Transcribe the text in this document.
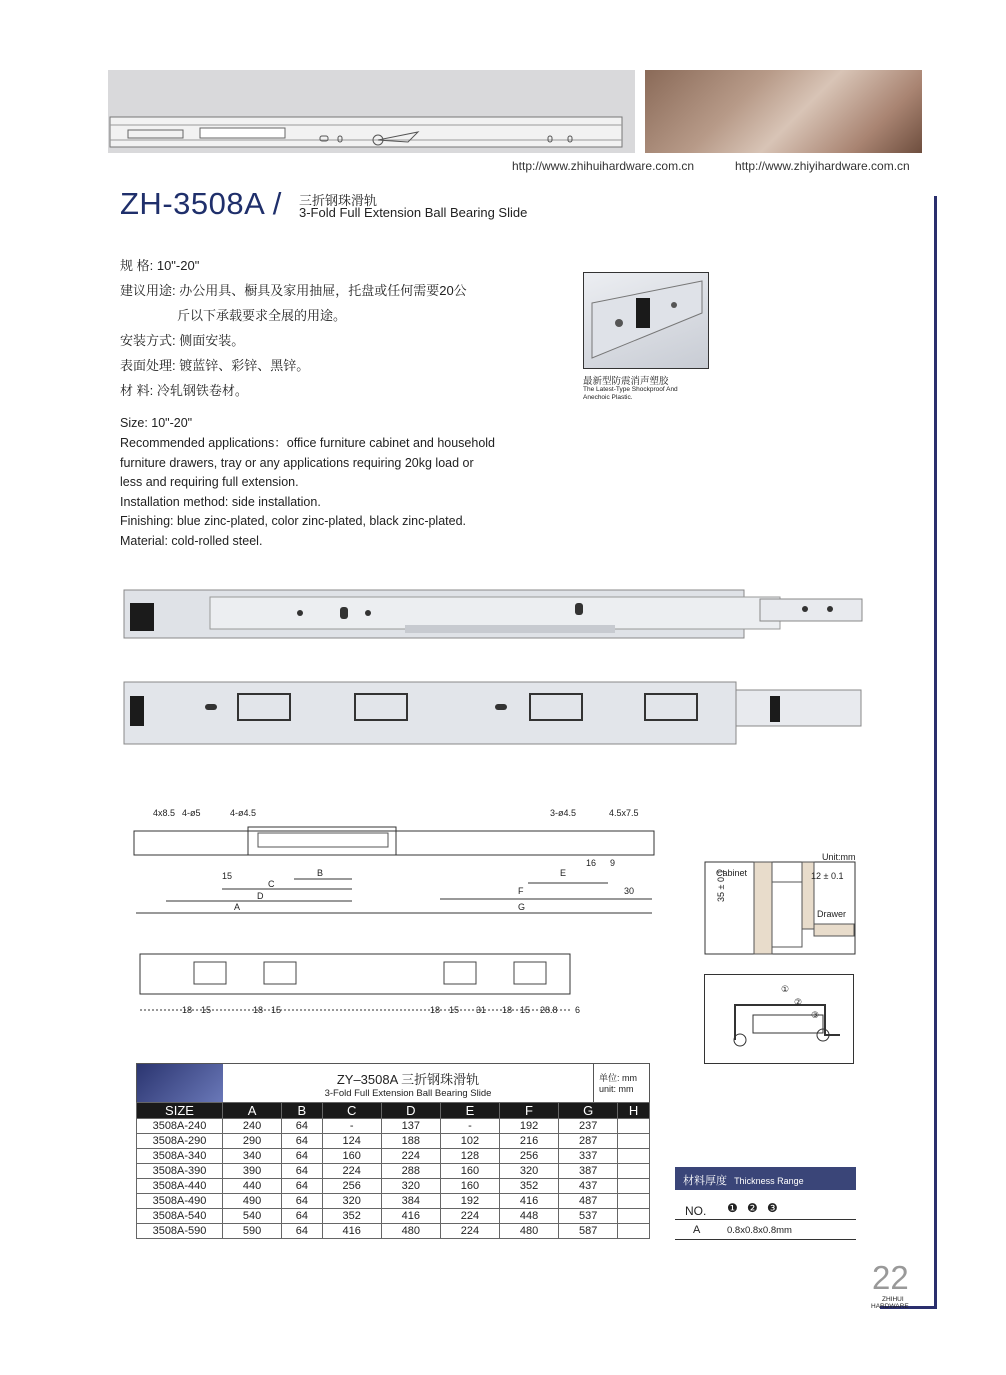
http://www.zhihuihardware.com.cn	http://www.zhiyihardware.com.cn
ZH-3508A / 三折钢珠滑轨
3-Fold Full Extension Ball Bearing Slide
规 格: 10"-20"
建议用途: 办公用具、橱具及家用抽屉，托盘或任何需要20公
斤以下承载要求全展的用途。
安装方式: 侧面安装。
表面处理: 镀蓝锌、彩锌、黑锌。
材 料: 冷轧钢铁卷材。
Size: 10"-20"
Recommended applications：office furniture cabinet and household
furniture drawers, tray or any applications requiring 20kg load or
less and requiring full extension.
Installation method: side installation.
Finishing: blue zinc-plated, color zinc-plated, black zinc-plated.
Material: cold-rolled steel.
最新型防震消声塑胶
The Latest-Type Shockproof And
Anechoic Plastic.
4x8.5 4-ø5	4-ø4.5	3-ø4.5	4.5x7.5
16 9
15	B
C
E
D	F	30
A	G
18 15	18 15	18 15 31 18 15 28.8 6
Unit:mm
Cabinet	12 ± 0.1
35 ± 0.1
Drawer
①
②
③
ZY–3508A 三折钢珠滑轨
3-Fold Full Extension Ball Bearing Slide
单位: mm
unit: mm
SIZE	A	B	C	D	E	F	G	H
3508A-240	240	64	-	137	-	192	237	
3508A-290	290	64	124	188	102	216	287	
3508A-340	340	64	160	224	128	256	337	
3508A-390	390	64	224	288	160	320	387	
3508A-440	440	64	256	320	160	352	437	
3508A-490	490	64	320	384	192	416	487	
3508A-540	540	64	352	416	224	448	537	
3508A-590	590	64	416	480	224	480	587	
材料厚度 Thickness Range
NO. ❶ ❷ ❸
A	0.8x0.8x0.8mm
22
ZHIHUI
HARDWARE
